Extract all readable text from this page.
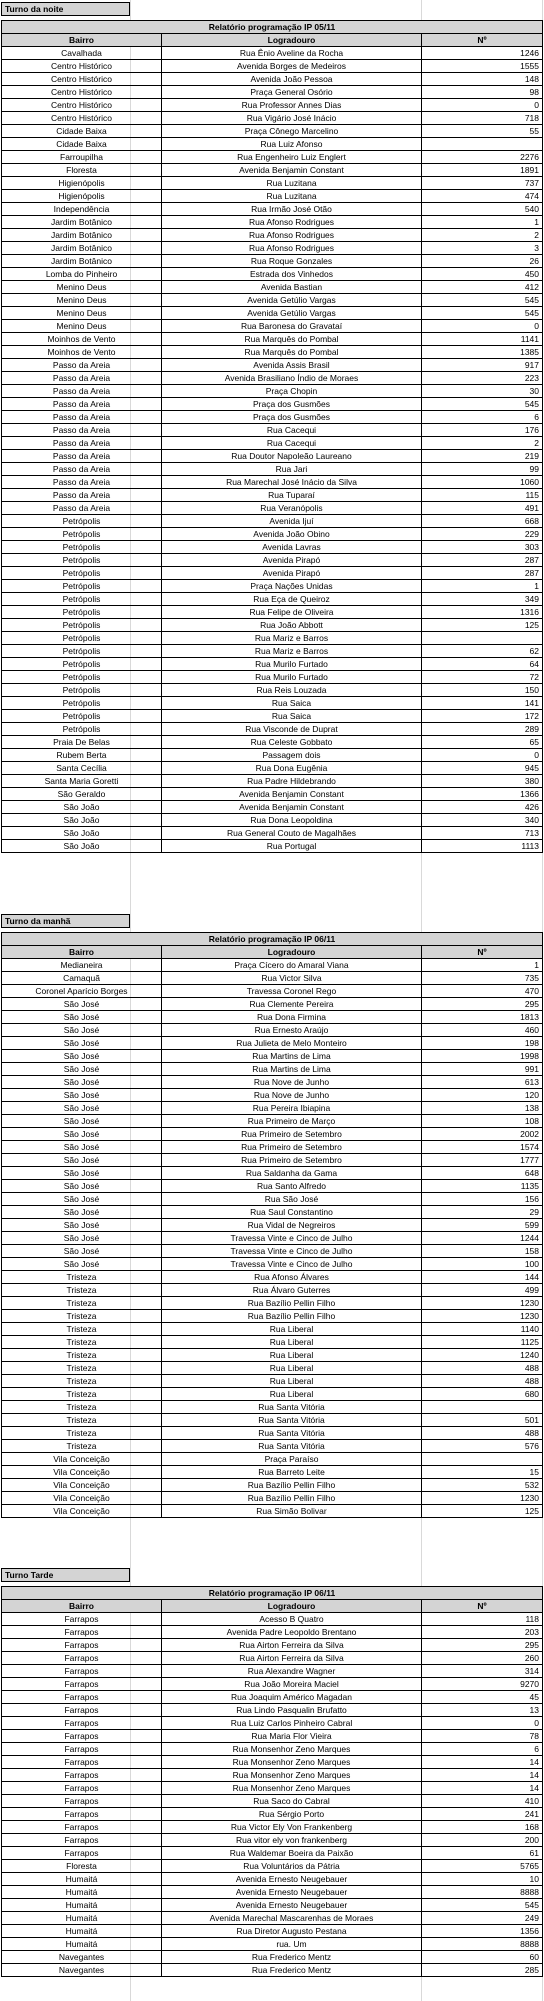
Turno da noite
Relatório programação IP 05/11		
Bairro	Logradouro	Nº
Cavalhada	Rua Ênio Aveline da Rocha	1246
Centro Histórico	Avenida Borges de Medeiros	1555
Centro Histórico	Avenida João Pessoa	148
Centro Histórico	Praça General Osório	98
Centro Histórico	Rua Professor Annes Dias	0
Centro Histórico	Rua Vigário José Inácio	718
Cidade Baixa	Praça Cônego Marcelino	55
Cidade Baixa	Rua Luiz Afonso	
Farroupilha	Rua Engenheiro Luiz Englert	2276
Floresta	Avenida Benjamin Constant	1891
Higienópolis	Rua Luzitana	737
Higienópolis	Rua Luzitana	474
Independência	Rua Irmão José Otão	540
Jardim Botânico	Rua Afonso Rodrigues	1
Jardim Botânico	Rua Afonso Rodrigues	2
Jardim Botânico	Rua Afonso Rodrigues	3
Jardim Botânico	Rua Roque Gonzales	26
Lomba do Pinheiro	Estrada dos Vinhedos	450
Menino Deus	Avenida Bastian	412
Menino Deus	Avenida Getúlio Vargas	545
Menino Deus	Avenida Getúlio Vargas	545
Menino Deus	Rua Baronesa do Gravataí	0
Moinhos de Vento	Rua Marquês do Pombal	1141
Moinhos de Vento	Rua Marquês do Pombal	1385
Passo da Areia	Avenida Assis Brasil	917
Passo da Areia	Avenida Brasiliano Índio de Moraes	223
Passo da Areia	Praça Chopin	30
Passo da Areia	Praça dos Gusmões	545
Passo da Areia	Praça dos Gusmões	6
Passo da Areia	Rua Cacequi	176
Passo da Areia	Rua Cacequi	2
Passo da Areia	Rua Doutor Napoleão Laureano	219
Passo da Areia	Rua Jari	99
Passo da Areia	Rua Marechal José Inácio da Silva	1060
Passo da Areia	Rua Tuparaí	115
Passo da Areia	Rua Veranópolis	491
Petrópolis	Avenida Ijuí	668
Petrópolis	Avenida João Obino	229
Petrópolis	Avenida Lavras	303
Petrópolis	Avenida Pirapó	287
Petrópolis	Avenida Pirapó	287
Petrópolis	Praça Nações Unidas	1
Petrópolis	Rua Eça de Queiroz	349
Petrópolis	Rua Felipe de Oliveira	1316
Petrópolis	Rua João Abbott	125
Petrópolis	Rua Mariz e Barros	
Petrópolis	Rua Mariz e Barros	62
Petrópolis	Rua Murilo Furtado	64
Petrópolis	Rua Murilo Furtado	72
Petrópolis	Rua Reis Louzada	150
Petrópolis	Rua Saica	141
Petrópolis	Rua Saica	172
Petrópolis	Rua Visconde de Duprat	289
Praia De Belas	Rua Celeste Gobbato	65
Rubem Berta	Passagem dois	0
Santa Cecília	Rua Dona Eugênia	945
Santa Maria Goretti	Rua Padre Hildebrando	380
São Geraldo	Avenida Benjamin Constant	1366
São João	Avenida Benjamin Constant	426
São João	Rua Dona Leopoldina	340
São João	Rua General Couto de Magalhães	713
São João	Rua Portugal	1113
Turno da manhã
Relatório programação IP 06/11		
Bairro	Logradouro	Nº
Medianeira	Praça Cícero do Amaral Viana	1
Camaquã	Rua Victor Silva	735
Coronel Aparício Borges	Travessa Coronel Rego	470
São José	Rua Clemente Pereira	295
São José	Rua Dona Firmina	1813
São José	Rua Ernesto Araújo	460
São José	Rua Julieta de Melo Monteiro	198
São José	Rua Martins de Lima	1998
São José	Rua Martins de Lima	991
São José	Rua Nove de Junho	613
São José	Rua Nove de Junho	120
São José	Rua Pereira Ibiapina	138
São José	Rua Primeiro de Março	108
São José	Rua Primeiro de Setembro	2002
São José	Rua Primeiro de Setembro	1574
São José	Rua Primeiro de Setembro	1777
São José	Rua Saldanha da Gama	648
São José	Rua Santo Alfredo	1135
São José	Rua São José	156
São José	Rua Saul Constantino	29
São José	Rua Vidal de Negreiros	599
São José	Travessa Vinte e Cinco de Julho	1244
São José	Travessa Vinte e Cinco de Julho	158
São José	Travessa Vinte e Cinco de Julho	100
Tristeza	Rua Afonso Álvares	144
Tristeza	Rua Álvaro Guterres	499
Tristeza	Rua Bazílio Pellin Filho	1230
Tristeza	Rua Bazílio Pellin Filho	1230
Tristeza	Rua Liberal	1140
Tristeza	Rua Liberal	1125
Tristeza	Rua Liberal	1240
Tristeza	Rua Liberal	488
Tristeza	Rua Liberal	488
Tristeza	Rua Liberal	680
Tristeza	Rua Santa Vitória	
Tristeza	Rua Santa Vitória	501
Tristeza	Rua Santa Vitória	488
Tristeza	Rua Santa Vitória	576
Vila Conceição	Praça Paraíso	
Vila Conceição	Rua Barreto Leite	15
Vila Conceição	Rua Bazílio Pellin Filho	532
Vila Conceição	Rua Bazílio Pellin Filho	1230
Vila Conceição	Rua Simão Bolivar	125
Turno Tarde
Relatório programação IP 06/11		
Bairro	Logradouro	Nº
Farrapos	Acesso B Quatro	118
Farrapos	Avenida Padre Leopoldo Brentano	203
Farrapos	Rua Airton Ferreira da Silva	295
Farrapos	Rua Airton Ferreira da Silva	260
Farrapos	Rua Alexandre Wagner	314
Farrapos	Rua João Moreira Maciel	9270
Farrapos	Rua Joaquim Américo Magadan	45
Farrapos	Rua Lindo Pasqualin Brufatto	13
Farrapos	Rua Luiz Carlos Pinheiro Cabral	0
Farrapos	Rua Maria Flor Vieira	78
Farrapos	Rua Monsenhor Zeno Marques	6
Farrapos	Rua Monsenhor Zeno Marques	14
Farrapos	Rua Monsenhor Zeno Marques	14
Farrapos	Rua Monsenhor Zeno Marques	14
Farrapos	Rua Saco do Cabral	410
Farrapos	Rua Sérgio Porto	241
Farrapos	Rua Victor Ely Von Frankenberg	168
Farrapos	Rua vitor ely von frankenberg	200
Farrapos	Rua Waldemar Boeira da Paixão	61
Floresta	Rua Voluntários da Pátria	5765
Humaitá	Avenida Ernesto Neugebauer	10
Humaitá	Avenida Ernesto Neugebauer	8888
Humaitá	Avenida Ernesto Neugebauer	545
Humaitá	Avenida Marechal Mascarenhas de Moraes	249
Humaitá	Rua Diretor Augusto Pestana	1356
Humaitá	rua. Um	8888
Navegantes	Rua Frederico Mentz	60
Navegantes	Rua Frederico Mentz	285
